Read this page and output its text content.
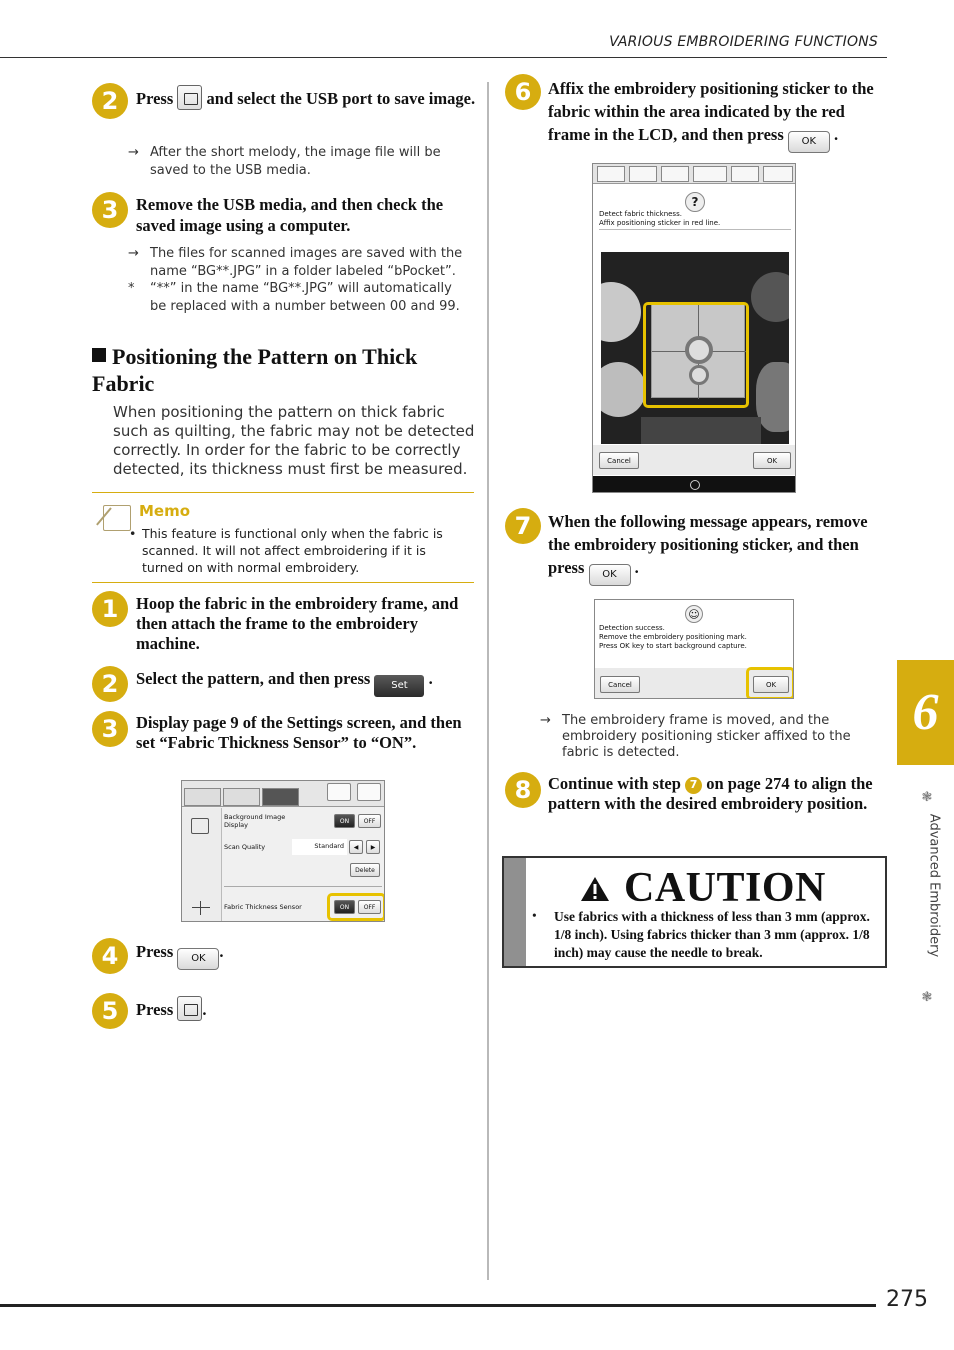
VARIOUS EMBROIDERING FUNCTIONS
6
❃
Advanced Embroidery
❃
2	Press and select the USB port to save image.
→ After the short melody, the image file will be saved to the USB media.
3	Remove the USB media, and then check the saved image using a computer.
→ The files for scanned images are saved with the name “BG**.JPG” in a folder labeled “bPocket”.
* “**” in the name “BG**.JPG” will automatically be replaced with a number between 00 and 99.
Positioning the Pattern on Thick Fabric
When positioning the pattern on thick fabric such as quilting, the fabric may not be detected correctly. In order for the fabric to be correctly detected, its thickness must first be measured.
Memo
• This feature is functional only when the fabric is scanned. It will not affect embroidering if it is turned on with normal embroidery.
1	Hoop the fabric in the embroidery frame, and then attach the frame to the embroidery machine.
2	Select the pattern, and then press Set .
3	Display page 9 of the Settings screen, and then set “Fabric Thickness Sensor” to “ON”.
Background Image Display	ON	OFF
Scan Quality	Standard	◀	▶
Delete
Fabric Thickness Sensor	ON	OFF
4	Press OK .
5	Press .
6	Affix the embroidery positioning sticker to the fabric within the area indicated by the red frame in the LCD, and then press OK .
?
Detect fabric thickness.
Affix positioning sticker in red line.
Cancel	OK
7	When the following message appears, remove the embroidery positioning sticker, and then press OK .
☺
Detection success.
Remove the embroidery positioning mark.
Press OK key to start background capture.
Cancel	OK
→ The embroidery frame is moved, and the embroidery positioning sticker affixed to the fabric is detected.
8	Continue with step 7 on page 274 to align the pattern with the desired embroidery position.
CAUTION
• Use fabrics with a thickness of less than 3 mm (approx. 1/8 inch). Using fabrics thicker than 3 mm (approx. 1/8 inch) may cause the needle to break.
275
